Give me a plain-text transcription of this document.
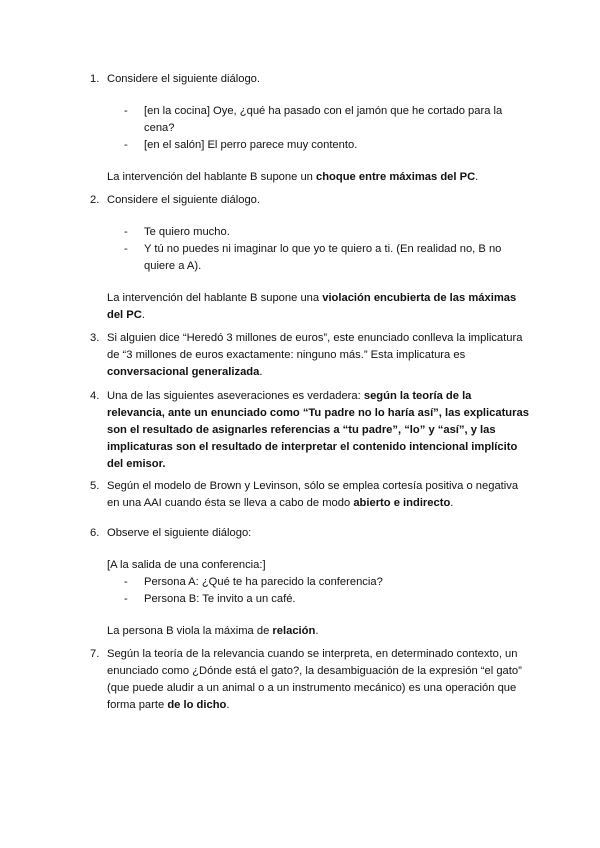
1. Considere el siguiente diálogo.

- [en la cocina] Oye, ¿qué ha pasado con el jamón que he cortado para la cena?
- [en el salón] El perro parece muy contento.

La intervención del hablante B supone un choque entre máximas del PC.

2. Considere el siguiente diálogo.

- Te quiero mucho.
- Y tú no puedes ni imaginar lo que yo te quiero a ti. (En realidad no, B no quiere a A).

La intervención del hablante B supone una violación encubierta de las máximas del PC.

3. Si alguien dice “Heredó 3 millones de euros”, este enunciado conlleva la implicatura de “3 millones de euros exactamente: ninguno más.” Esta implicatura es conversacional generalizada.

4. Una de las siguientes aseveraciones es verdadera: según la teoría de la relevancia, ante un enunciado como “Tu padre no lo haría así”, las explicaturas son el resultado de asignarles referencias a “tu padre”, “lo” y “así”, y las implicaturas son el resultado de interpretar el contenido intencional implícito del emisor.

5. Según el modelo de Brown y Levinson, sólo se emplea cortesía positiva o negativa en una AAI cuando ésta se lleva a cabo de modo abierto e indirecto.

6. Observe el siguiente diálogo:

[A la salida de una conferencia:]

- Persona A: ¿Qué te ha parecido la conferencia?
- Persona B: Te invito a un café.

La persona B viola la máxima de relación.

7. Según la teoría de la relevancia cuando se interpreta, en determinado contexto, un enunciado como ¿Dónde está el gato?, la desambiguación de la expresión “el gato” (que puede aludir a un animal o a un instrumento mecánico) es una operación que forma parte de lo dicho.
